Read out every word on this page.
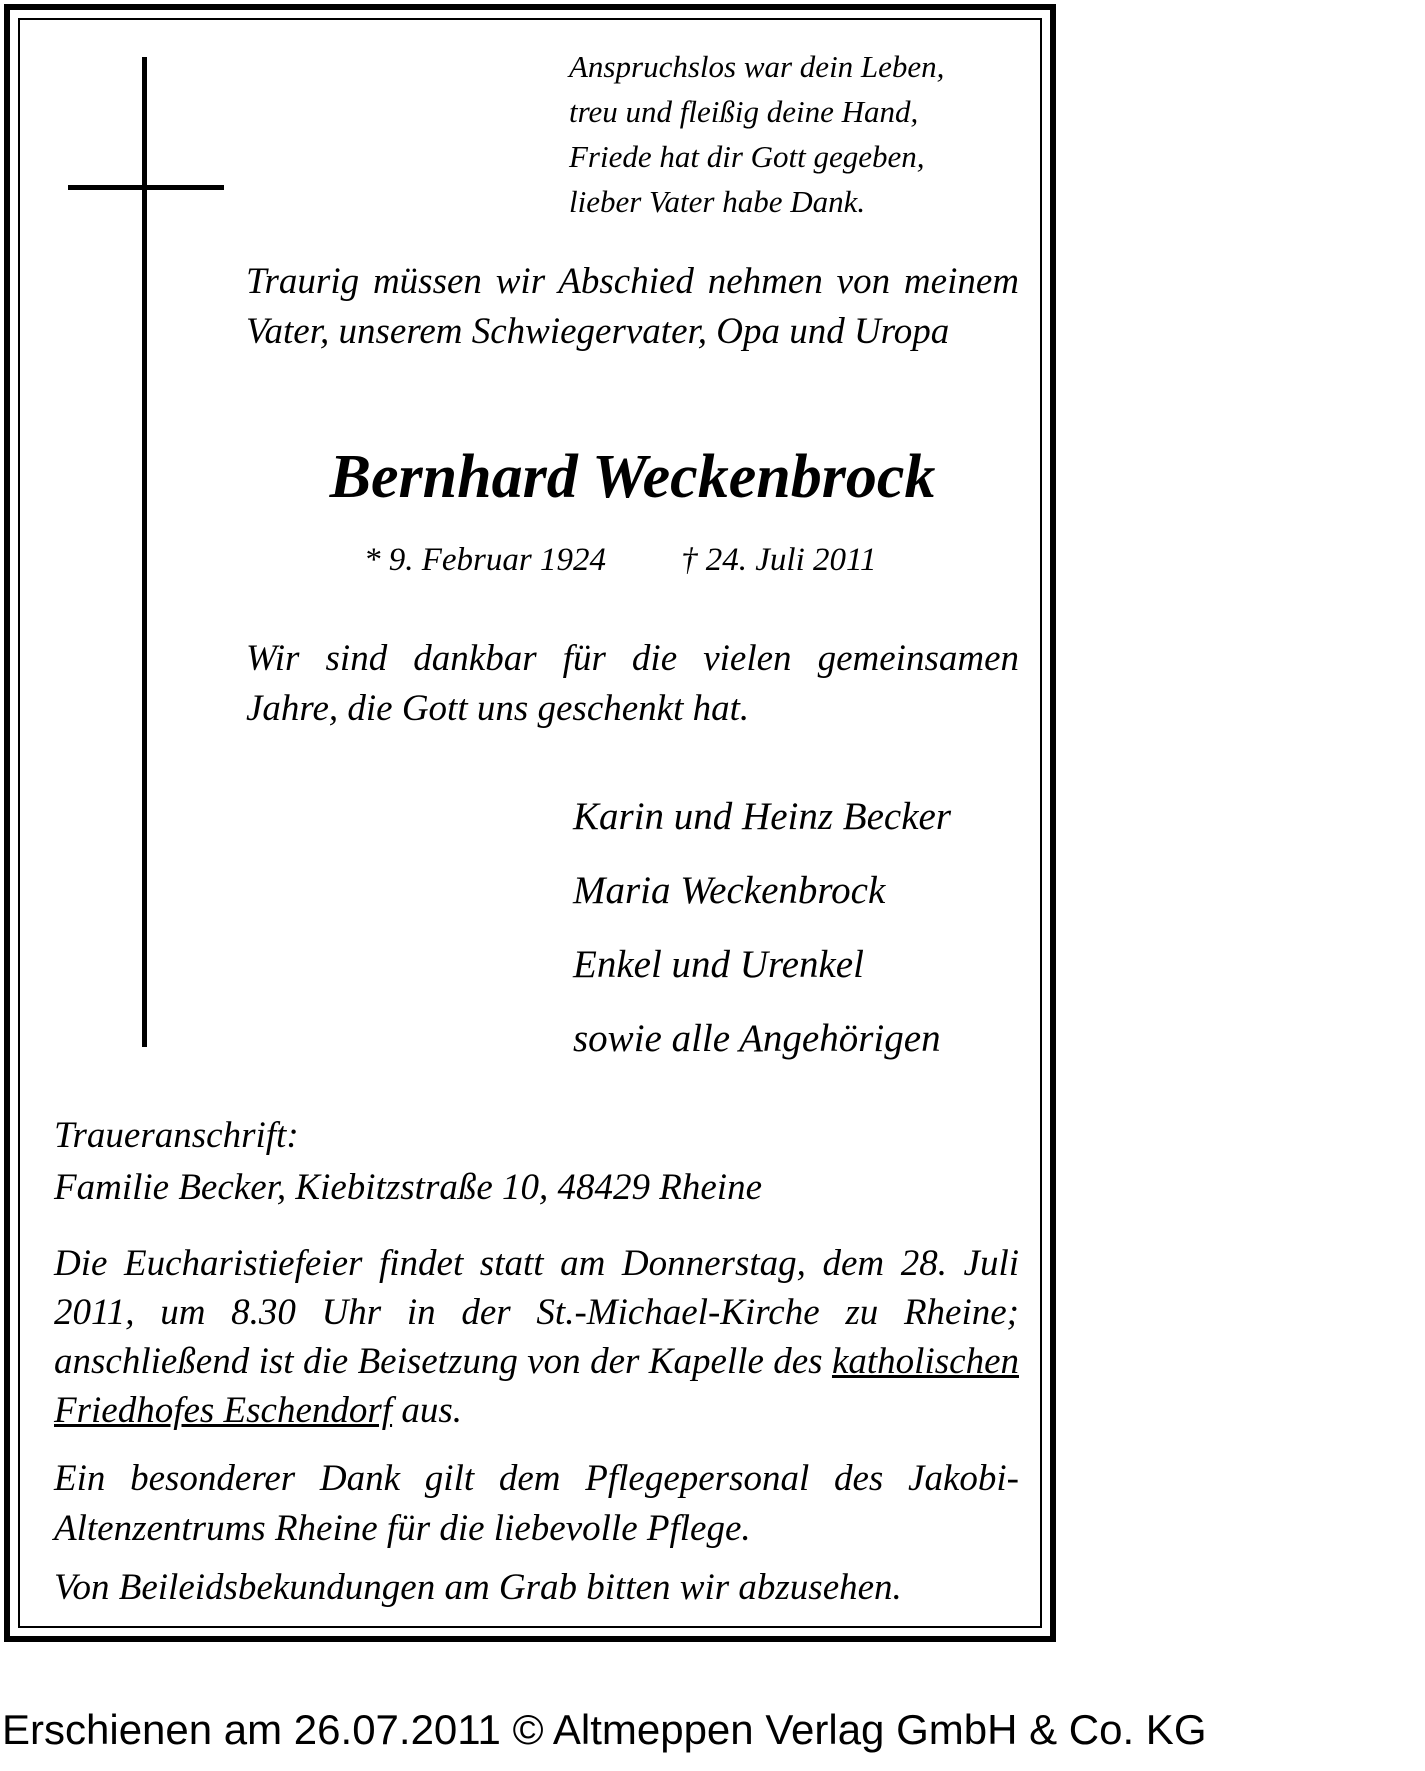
Anspruchslos war dein Leben,
treu und fleißig deine Hand,
Friede hat dir Gott gegeben,
lieber Vater habe Dank.
Traurig müssen wir Abschied nehmen von meinem Vater, unserem Schwiegervater, Opa und Uropa
Bernhard Weckenbrock
* 9. Februar 1924 † 24. Juli 2011
Wir sind dankbar für die vielen gemeinsamen Jahre, die Gott uns geschenkt hat.
Karin und Heinz Becker
Maria Weckenbrock
Enkel und Urenkel
sowie alle Angehörigen
Traueranschrift:
Familie Becker, Kiebitzstraße 10, 48429 Rheine
Die Eucharistiefeier findet statt am Donnerstag, dem 28. Juli 2011, um 8.30 Uhr in der St.-Michael-Kirche zu Rheine; anschließend ist die Beisetzung von der Kapelle des katholischen Friedhofes Eschendorf aus.
Ein besonderer Dank gilt dem Pflegepersonal des Jakobi-Altenzentrums Rheine für die liebevolle Pflege.
Von Beileidsbekundungen am Grab bitten wir abzusehen.
Erschienen am 26.07.2011 © Altmeppen Verlag GmbH & Co. KG
